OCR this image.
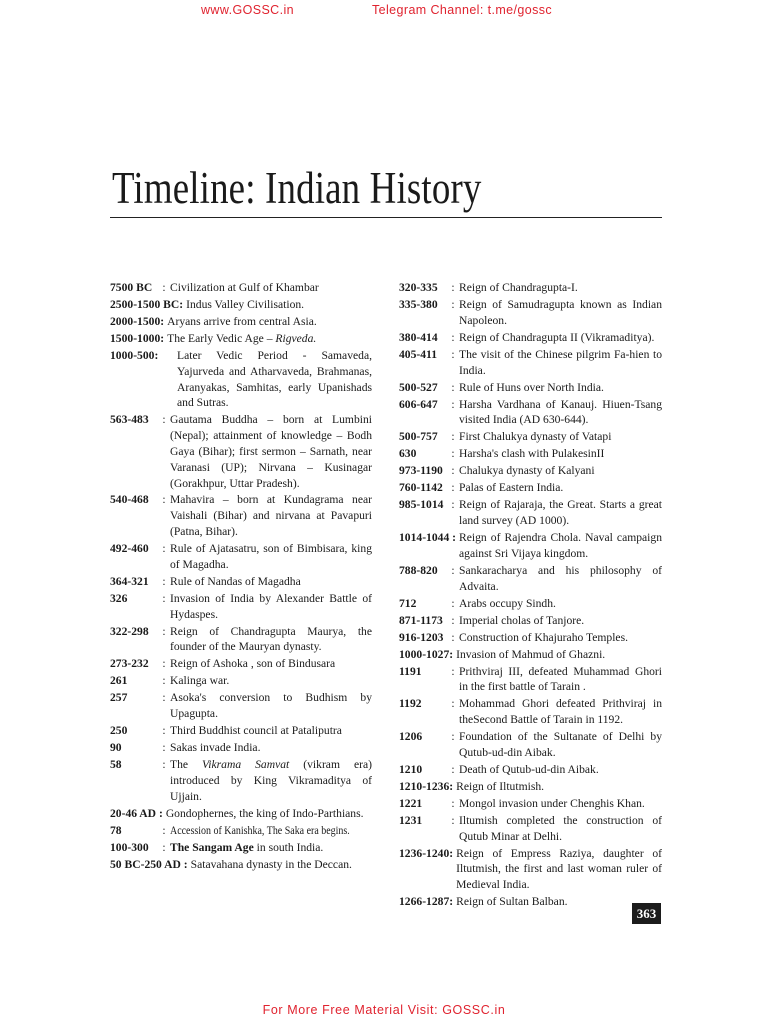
www.GOSSC.in	Telegram Channel: t.me/gossc
Timeline: Indian History
7500 BC : Civilization at Gulf of Khambar
2500-1500 BC: Indus Valley Civilisation.
2000-1500: Aryans arrive from central Asia.
1500-1000: The Early Vedic Age – Rigveda.
1000-500:	Later Vedic Period - Samaveda, Yajurveda and Atharvaveda, Brahmanas, Aranyakas, Samhitas, early Upanishads and Sutras.
563-483	: Gautama Buddha – born at Lumbini (Nepal); attainment of knowledge – Bodh Gaya (Bihar); first sermon – Sarnath, near Varanasi (UP); Nirvana – Kusinagar (Gorakhpur, Uttar Pradesh).
540-468	: Mahavira – born at Kundagrama near Vaishali (Bihar) and nirvana at Pavapuri (Patna, Bihar).
492-460	: Rule of Ajatasatru, son of Bimbisara, king of Magadha.
364-321	: Rule of Nandas of Magadha
326	: Invasion of India by Alexander Battle of Hydaspes.
322-298	: Reign of Chandragupta Maurya, the founder of the Mauryan dynasty.
273-232	: Reign of Ashoka , son of Bindusara
261	: Kalinga war.
257	: Asoka's conversion to Budhism by Upagupta.
250	: Third Buddhist council at Pataliputra
90	: Sakas invade India.
58	: The Vikrama Samvat (vikram era) introduced by King Vikramaditya of Ujjain.
20-46 AD : Gondophernes, the king of Indo-Parthians.
78	: Accession of Kanishka, The Saka era begins.
100-300	: The Sangam Age in south India.
50 BC-250 AD : Satavahana dynasty in the Deccan.
320-335	: Reign of Chandragupta-I.
335-380	: Reign of Samudragupta known as Indian Napoleon.
380-414	: Reign of Chandragupta II (Vikramaditya).
405-411	: The visit of the Chinese pilgrim Fa-hien to India.
500-527	: Rule of Huns over North India.
606-647	: Harsha Vardhana of Kanauj. Hiuen-Tsang visited India (AD 630-644).
500-757	: First Chalukya dynasty of Vatapi
630	: Harsha's clash with PulakesinII
973-1190 : Chalukya dynasty of Kalyani
760-1142 : Palas of Eastern India.
985-1014 : Reign of Rajaraja, the Great. Starts a great land survey (AD 1000).
1014-1044 : Reign of Rajendra Chola. Naval campaign against Sri Vijaya kingdom.
788-820	: Sankaracharya and his philosophy of Advaita.
712	: Arabs occupy Sindh.
871-1173 : Imperial cholas of Tanjore.
916-1203 : Construction of Khajuraho Temples.
1000-1027: Invasion of Mahmud of Ghazni.
1191	: Prithviraj III, defeated Muhammad Ghori in the first battle of Tarain .
1192	: Mohammad Ghori defeated Prithviraj in theSecond Battle of Tarain in 1192.
1206	: Foundation of the Sultanate of Delhi by Qutub-ud-din Aibak.
1210	: Death of Qutub-ud-din Aibak.
1210-1236: Reign of Iltutmish.
1221	: Mongol invasion under Chenghis Khan.
1231	: Iltumish completed the construction of Qutub Minar at Delhi.
1236-1240: Reign of Empress Raziya, daughter of Iltutmish, the first and last woman ruler of Medieval India.
1266-1287: Reign of Sultan Balban.
363
For More Free Material Visit: GOSSC.in
